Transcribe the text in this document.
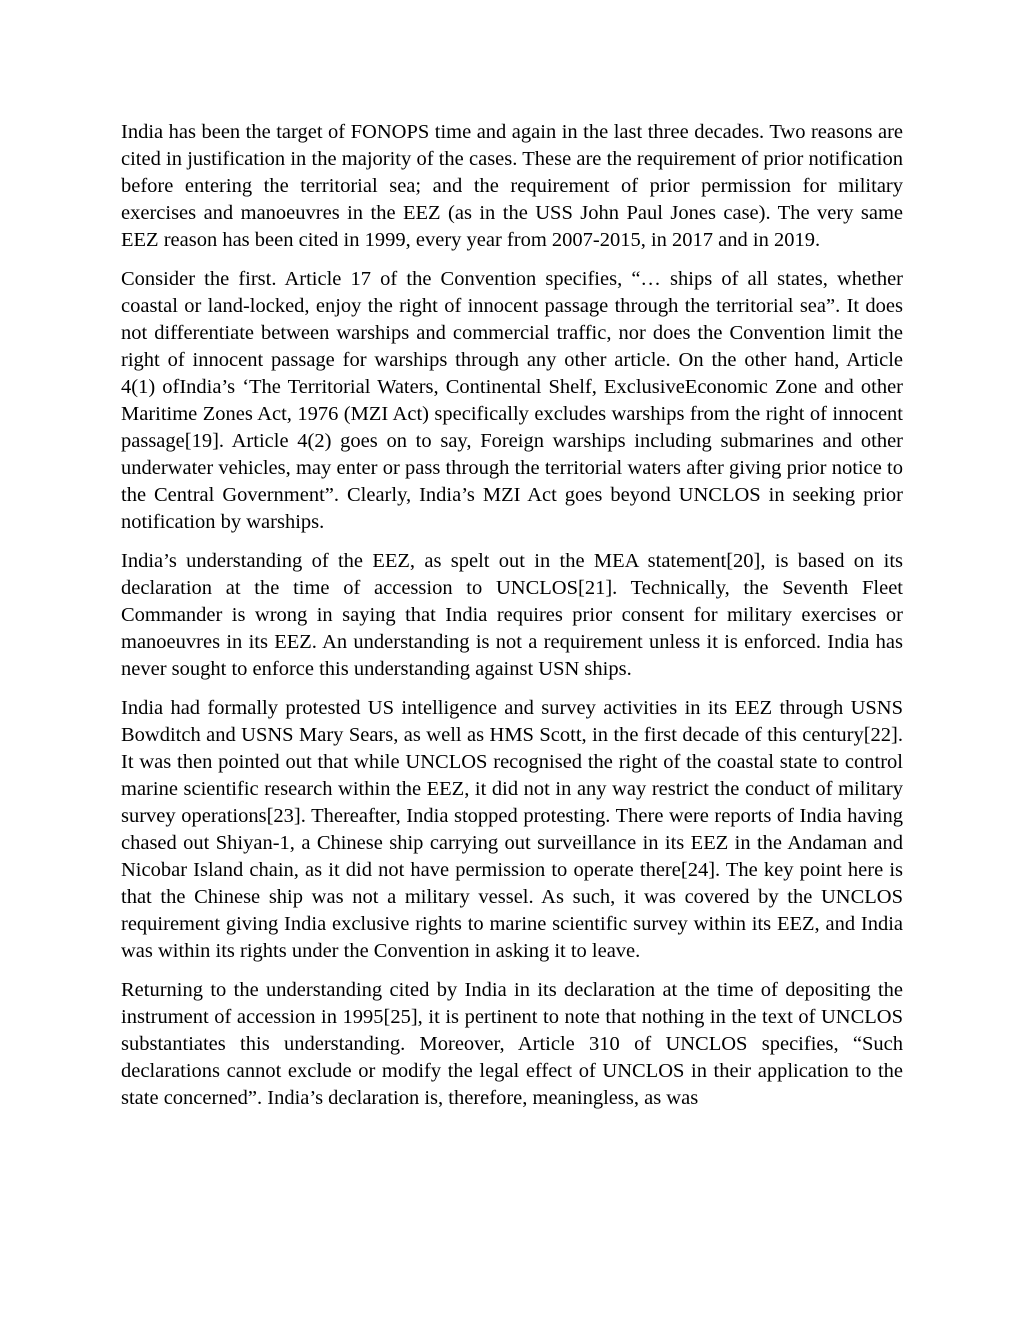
India has been the target of FONOPS time and again in the last three decades. Two reasons are cited in justification in the majority of the cases. These are the requirement of prior notification before entering the territorial sea; and the requirement of prior permission for military exercises and manoeuvres in the EEZ (as in the USS John Paul Jones case). The very same EEZ reason has been cited in 1999, every year from 2007-2015, in 2017 and in 2019.

Consider the first. Article 17 of the Convention specifies, “… ships of all states, whether coastal or land-locked, enjoy the right of innocent passage through the territorial sea”. It does not differentiate between warships and commercial traffic, nor does the Convention limit the right of innocent passage for warships through any other article. On the other hand, Article 4(1) ofIndia’s ‘The Territorial Waters, Continental Shelf, ExclusiveEconomic Zone and other Maritime Zones Act, 1976 (MZI Act) specifically excludes warships from the right of innocent passage[19]. Article 4(2) goes on to say, Foreign warships including submarines and other underwater vehicles, may enter or pass through the territorial waters after giving prior notice to the Central Government”. Clearly, India’s MZI Act goes beyond UNCLOS in seeking prior notification by warships.

India’s understanding of the EEZ, as spelt out in the MEA statement[20], is based on its declaration at the time of accession to UNCLOS[21]. Technically, the Seventh Fleet Commander is wrong in saying that India requires prior consent for military exercises or manoeuvres in its EEZ. An understanding is not a requirement unless it is enforced. India has never sought to enforce this understanding against USN ships.

India had formally protested US intelligence and survey activities in its EEZ through USNS Bowditch and USNS Mary Sears, as well as HMS Scott, in the first decade of this century[22]. It was then pointed out that while UNCLOS recognised the right of the coastal state to control marine scientific research within the EEZ, it did not in any way restrict the conduct of military survey operations[23]. Thereafter, India stopped protesting. There were reports of India having chased out Shiyan-1, a Chinese ship carrying out surveillance in its EEZ in the Andaman and Nicobar Island chain, as it did not have permission to operate there[24]. The key point here is that the Chinese ship was not a military vessel. As such, it was covered by the UNCLOS requirement giving India exclusive rights to marine scientific survey within its EEZ, and India was within its rights under the Convention in asking it to leave.

Returning to the understanding cited by India in its declaration at the time of depositing the instrument of accession in 1995[25], it is pertinent to note that nothing in the text of UNCLOS substantiates this understanding. Moreover, Article 310 of UNCLOS specifies, “Such declarations cannot exclude or modify the legal effect of UNCLOS in their application to the state concerned”. India’s declaration is, therefore, meaningless, as was
